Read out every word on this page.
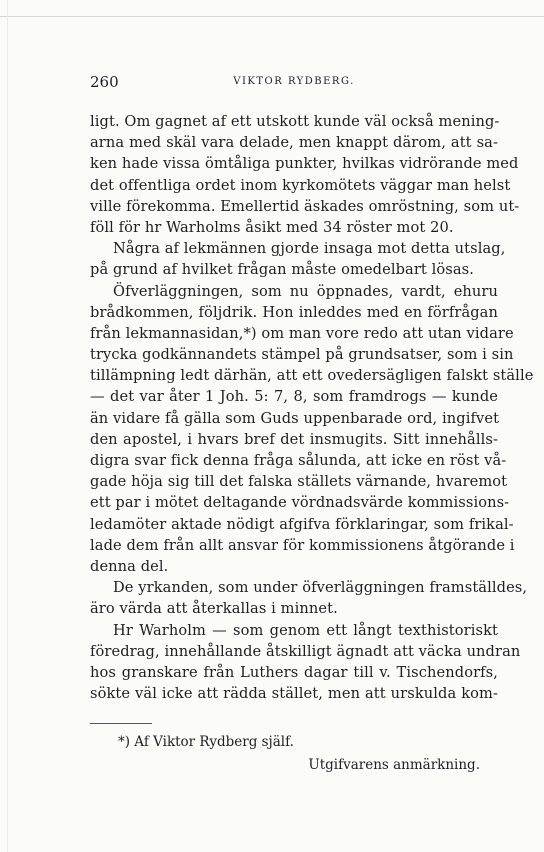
260	VIKTOR RYDBERG.
ligt. Om gagnet af ett utskott kunde väl också mening-
arna med skäl vara delade, men knappt därom, att sa-
ken hade vissa ömtåliga punkter, hvilkas vidrörande med
det offentliga ordet inom kyrkomötets väggar man helst
ville förekomma. Emellertid äskades omröstning, som ut-
föll för hr Warholms åsikt med 34 röster mot 20.
Några af lekmännen gjorde insaga mot detta utslag,
på grund af hvilket frågan måste omedelbart lösas.
Öfverläggningen, som nu öppnades, vardt, ehuru
brådkommen, följdrik. Hon inleddes med en förfrågan
från lekmannasidan,*) om man vore redo att utan vidare
trycka godkännandets stämpel på grundsatser, som i sin
tillämpning ledt därhän, att ett ovedersägligen falskt ställe
— det var åter 1 Joh. 5: 7, 8, som framdrogs — kunde
än vidare få gälla som Guds uppenbarade ord, ingifvet
den apostel, i hvars bref det insmugits. Sitt innehålls-
digra svar fick denna fråga sålunda, att icke en röst vå-
gade höja sig till det falska ställets värnande, hvaremot
ett par i mötet deltagande vördnadsvärde kommissions-
ledamöter aktade nödigt afgifva förklaringar, som frikal-
lade dem från allt ansvar för kommissionens åtgörande i
denna del.
De yrkanden, som under öfverläggningen framställdes,
äro värda att återkallas i minnet.
Hr Warholm — som genom ett långt texthistoriskt
föredrag, innehållande åtskilligt ägnadt att väcka undran
hos granskare från Luthers dagar till v. Tischendorfs,
sökte väl icke att rädda stället, men att urskulda kom-
*) Af Viktor Rydberg själf.
Utgifvarens anmärkning.
